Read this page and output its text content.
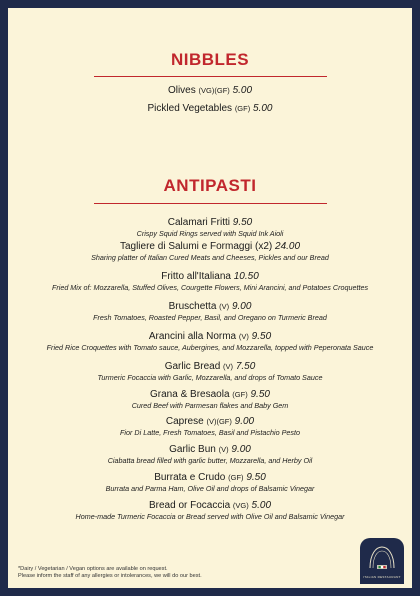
NIBBLES
Olives (VG)(GF) 5.00
Pickled Vegetables (GF) 5.00
ANTIPASTI
Calamari Fritti 9.50
Crispy Squid Rings served with Squid Ink Aioli
Tagliere di Salumi e Formaggi (x2) 24.00
Sharing platter of Italian Cured Meats and Cheeses, Pickles and our Bread
Fritto all'Italiana 10.50
Fried Mix of: Mozzarella, Stuffed Olives, Courgette Flowers, Mini Arancini, and Potatoes Croquettes
Bruschetta (V) 9.00
Fresh Tomatoes, Roasted Pepper, Basil, and Oregano on Turmeric Bread
Arancini alla Norma (V) 9.50
Fried Rice Croquettes with Tomato sauce, Aubergines, and Mozzarella, topped with Peperonata Sauce
Garlic Bread (V) 7.50
Turmeric Focaccia with Garlic, Mozzarella, and drops of Tomato Sauce
Grana & Bresaola (GF) 9.50
Cured Beef with Parmesan flakes and Baby Gem
Caprese (V)(GF) 9.00
Fior Di Latte, Fresh Tomatoes, Basil and Pistachio Pesto
Garlic Bun (V) 9.00
Ciabatta bread filled with garlic butter, Mozzarella, and Herby Oil
Burrata e Crudo (GF) 9.50
Burrata and Parma Ham, Olive Oil and drops of Balsamic Vinegar
Bread or Focaccia (VG) 5.00
Home-made Turmeric Focaccia or Bread served with Olive Oil and Balsamic Vinegar
*Dairy / Vegetarian / Vegan options are available on request.
Please inform the staff of any allergies or intolerances, we will do our best.	ITALIAN RESTAURANT
